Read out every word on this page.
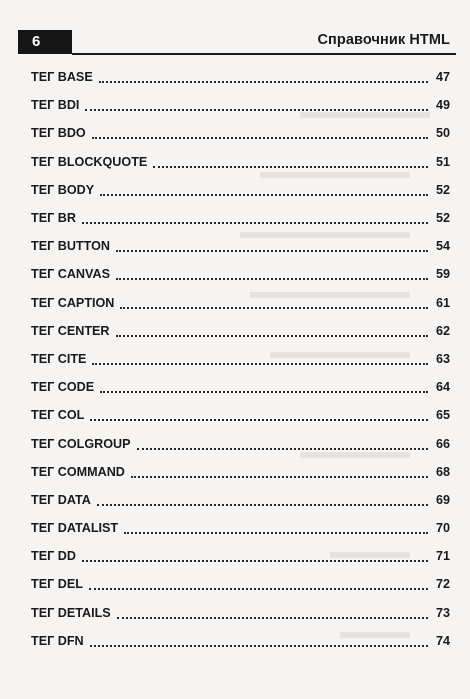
6	Справочник HTML
ТЕГ BASE	47
ТЕГ BDI	49
ТЕГ BDO	50
ТЕГ BLOCKQUOTE	51
ТЕГ BODY	52
ТЕГ BR	52
ТЕГ BUTTON	54
ТЕГ CANVAS	59
ТЕГ CAPTION	61
ТЕГ CENTER	62
ТЕГ CITE	63
ТЕГ CODE	64
ТЕГ COL	65
ТЕГ COLGROUP	66
ТЕГ COMMAND	68
ТЕГ DATA	69
ТЕГ DATALIST	70
ТЕГ DD	71
ТЕГ DEL	72
ТЕГ DETAILS	73
ТЕГ DFN	74
